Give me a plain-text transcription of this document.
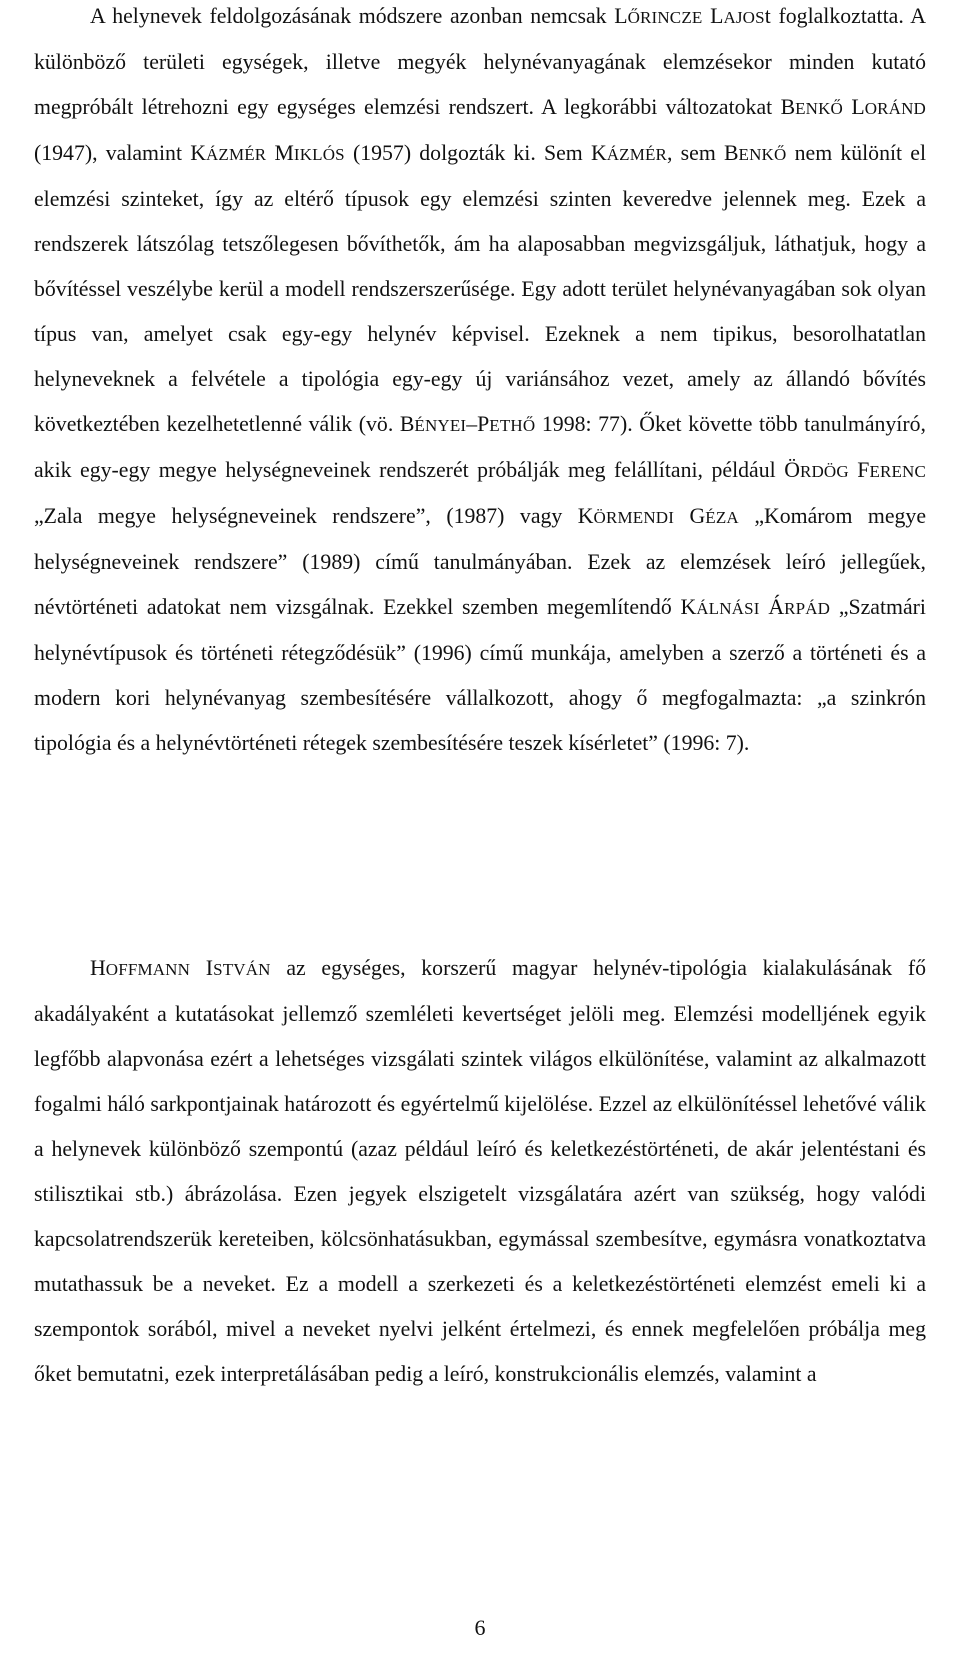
A helynevek feldolgozásának módszere azonban nemcsak LŐRINCZE LAJOSt foglalkoztatta. A különböző területi egységek, illetve megyék helynévanyagának elemzésekor minden kutató megpróbált létrehozni egy egységes elemzési rendszert. A legkorábbi változatokat BENKŐ LORÁND (1947), valamint KÁZMÉR MIKLÓS (1957) dolgozták ki. Sem KÁZMÉR, sem BENKŐ nem különít el elemzési szinteket, így az eltérő típusok egy elemzési szinten keveredve jelennek meg. Ezek a rendszerek látszólag tetszőlegesen bővíthetők, ám ha alaposabban megvizsgáljuk, láthatjuk, hogy a bővítéssel veszélybe kerül a modell rendszerszerűsége. Egy adott terület helynévanyagában sok olyan típus van, amelyet csak egy-egy helynév képvisel. Ezeknek a nem tipikus, besorolhatatlan helyneveknek a felvétele a tipológia egy-egy új variánsához vezet, amely az állandó bővítés következtében kezelhetetlenné válik (vö. BÉNYEI–PETHŐ 1998: 77). Őket követte több tanulmányíró, akik egy-egy megye helységneveinek rendszerét próbálják meg felállítani, például ÖRDÖG FERENC „Zala megye helységneveinek rendszere”, (1987) vagy KÖRMENDI GÉZA „Komárom megye helységneveinek rendszere” (1989) című tanulmányában. Ezek az elemzések leíró jellegűek, névtörténeti adatokat nem vizsgálnak. Ezekkel szemben megemlítendő KÁLNÁSI ÁRPÁD „Szatmári helynévtípusok és történeti rétegződésük” (1996) című munkája, amelyben a szerző a történeti és a modern kori helynévanyag szembesítésére vállalkozott, ahogy ő megfogalmazta: „a szinkrón tipológia és a helynévtörténeti rétegek szembesítésére teszek kísérletet” (1996: 7).

HOFFMANN ISTVÁN az egységes, korszerű magyar helynév-tipológia kialakulásának fő akadályaként a kutatásokat jellemző szemléleti kevertséget jelöli meg. Elemzési modelljének egyik legfőbb alapvonása ezért a lehetséges vizsgálati szintek világos elkülönítése, valamint az alkalmazott fogalmi háló sarkpontjainak határozott és egyértelmű kijelölése. Ezzel az elkülönítéssel lehetővé válik a helynevek különböző szempontú (azaz például leíró és keletkezéstörténeti, de akár jelentéstani és stilisztikai stb.) ábrázolása. Ezen jegyek elszigetelt vizsgálatára azért van szükség, hogy valódi kapcsolatrendszerük kereteiben, kölcsönhatásukban, egymással szembesítve, egymásra vonatkoztatva mutathassuk be a neveket. Ez a modell a szerkezeti és a keletkezéstörténeti elemzést emeli ki a szempontok sorából, mivel a neveket nyelvi jelként értelmezi, és ennek megfelelően próbálja meg őket bemutatni, ezek interpretálásában pedig a leíró, konstrukcionális elemzés, valamint a

6
